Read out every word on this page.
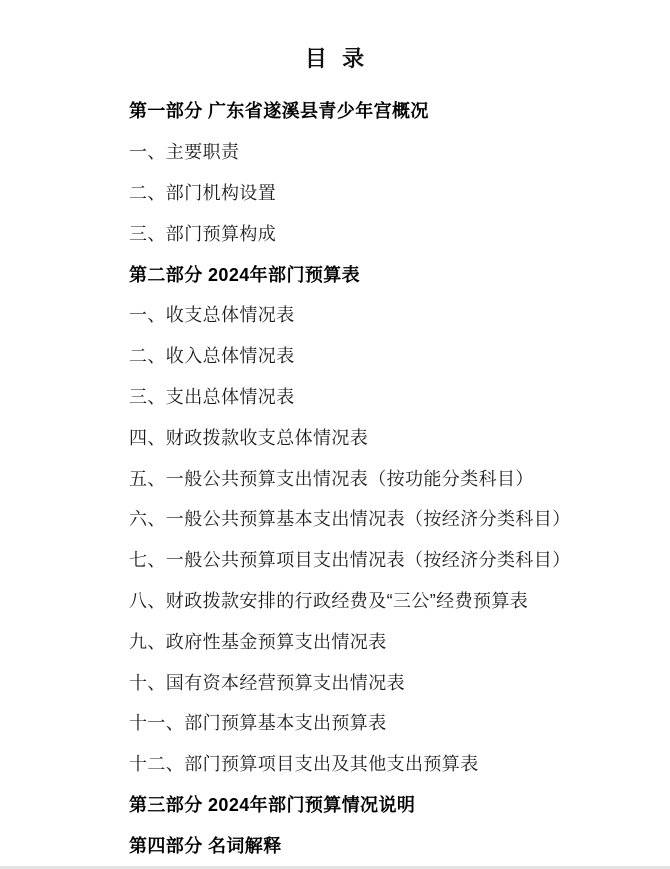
目  录
第一部分 广东省遂溪县青少年宫概况
一、主要职责
二、部门机构设置
三、部门预算构成
第二部分 2024年部门预算表
一、收支总体情况表
二、收入总体情况表
三、支出总体情况表
四、财政拨款收支总体情况表
五、一般公共预算支出情况表（按功能分类科目）
六、一般公共预算基本支出情况表（按经济分类科目）
七、一般公共预算项目支出情况表（按经济分类科目）
八、财政拨款安排的行政经费及“三公”经费预算表
九、政府性基金预算支出情况表
十、国有资本经营预算支出情况表
十一、部门预算基本支出预算表
十二、部门预算项目支出及其他支出预算表
第三部分 2024年部门预算情况说明
第四部分 名词解释
